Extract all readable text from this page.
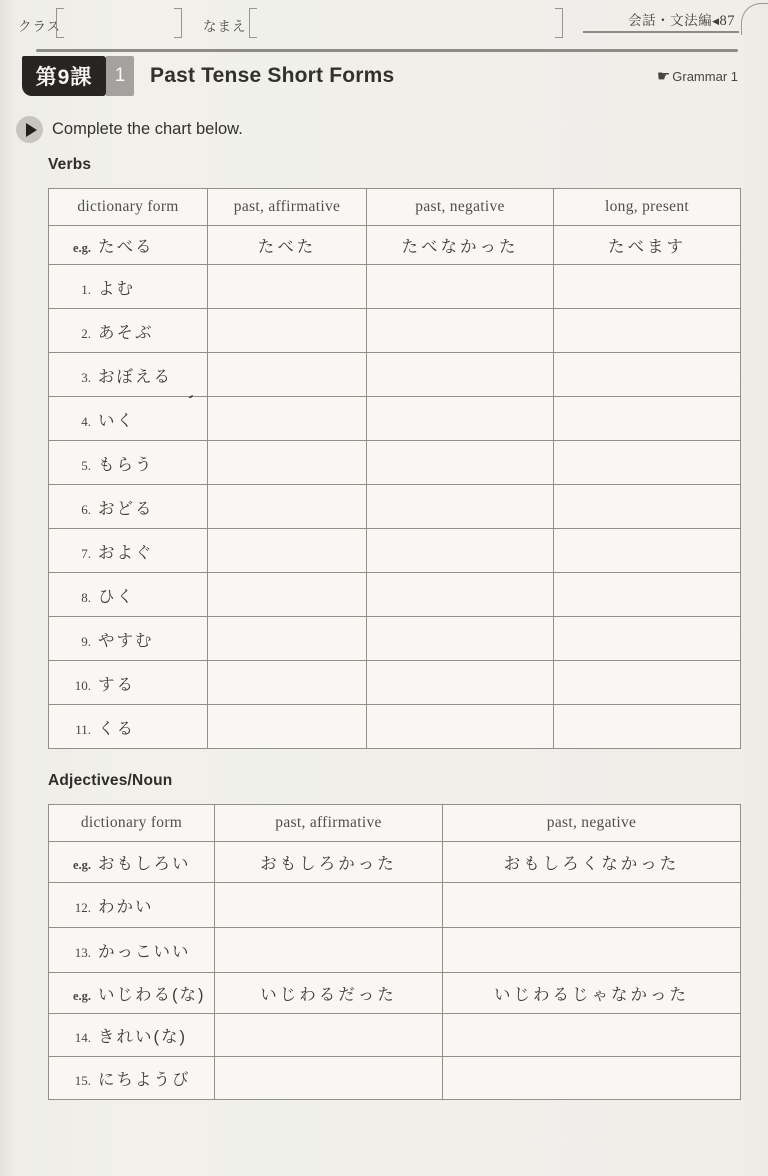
クラス	なまえ	会話・文法編◀87
第9課 1 Past Tense Short Forms	☛ Grammar 1
Complete the chart below.
Verbs
dictionary form	past, affirmative	past, negative	long, present
e.g. たべる	たべた	たべなかった	たべます
1. よむ			
2. あそぶ			
3. おぼえる			
4. いく			
5. もらう			
6. おどる			
7. およぐ			
8. ひく			
9. やすむ			
10. する			
11. くる			
Adjectives/Noun
dictionary form	past, affirmative	past, negative
e.g. おもしろい	おもしろかった	おもしろくなかった
12. わかい		
13. かっこいい		
e.g. いじわる(な)	いじわるだった	いじわるじゃなかった
14. きれい(な)		
15. にちようび		
